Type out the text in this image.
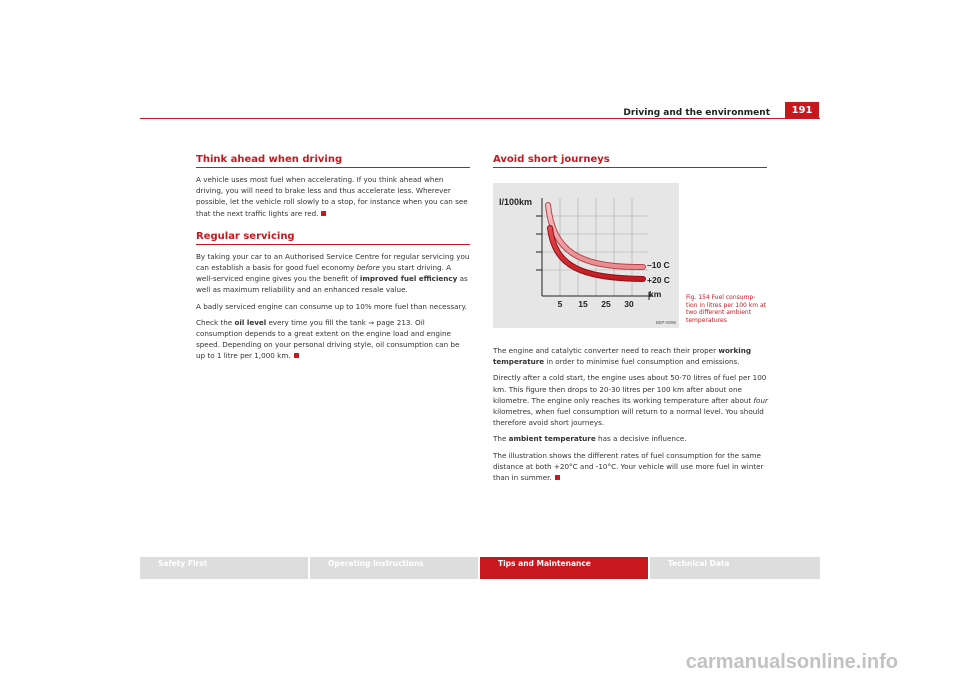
Driving and the environment	191
Think ahead when driving

A vehicle uses most fuel when accelerating. If you think ahead when driving, you will need to brake less and thus accelerate less. Wherever possible, let the vehicle roll slowly to a stop, for instance when you can see that the next traffic lights are red.

Regular servicing

By taking your car to an Authorised Service Centre for regular servicing you can establish a basis for good fuel economy before you start driving. A well-serviced engine gives you the benefit of improved fuel efficiency as well as maximum reliability and an enhanced resale value.

A badly serviced engine can consume up to 10% more fuel than necessary.

Check the oil level every time you fill the tank ⇒ page 213. Oil consumption depends to a great extent on the engine load and engine speed. Depending on your personal driving style, oil consumption can be up to 1 litre per 1,000 km.

Avoid short journeys
l/100km
–10 C
+20 C
km
5 15 25 30
B5P-0096
Fig. 154 Fuel consump-tion in litres per 100 km at two different ambient temperatures

The engine and catalytic converter need to reach their proper working temperature in order to minimise fuel consumption and emissions.

Directly after a cold start, the engine uses about 50-70 litres of fuel per 100 km. This figure then drops to 20-30 litres per 100 km after about one kilometre. The engine only reaches its working temperature after about four kilometres, when fuel consumption will return to a normal level. You should therefore avoid short journeys.

The ambient temperature has a decisive influence.

The illustration shows the different rates of fuel consumption for the same distance at both +20°C and -10°C. Your vehicle will use more fuel in winter than in summer.

Safety First	Operating instructions	Tips and Maintenance	Technical Data
carmanualsonline.info
